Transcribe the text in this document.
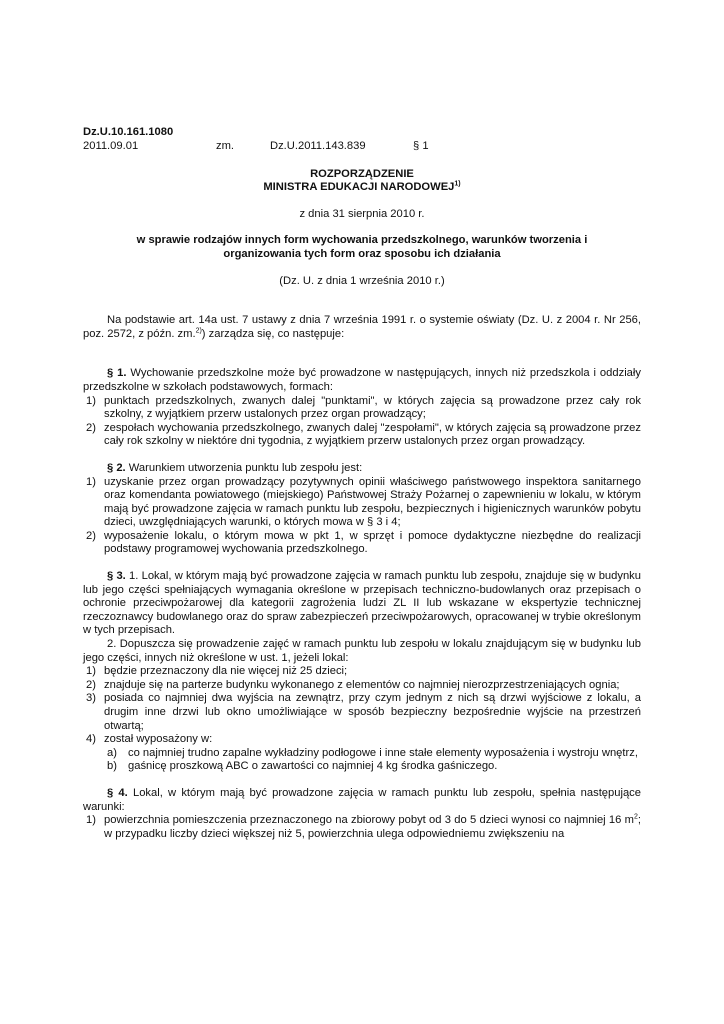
Dz.U.10.161.1080
2011.09.01	zm.	Dz.U.2011.143.839	§ 1
ROZPORZĄDZENIE
MINISTRA EDUKACJI NARODOWEJ$^{1)}$
z dnia 31 sierpnia 2010 r.
w sprawie rodzajów innych form wychowania przedszkolnego, warunków tworzenia i
organizowania tych form oraz sposobu ich działania
(Dz. U. z dnia 1 września 2010 r.)
Na podstawie art. 14a ust. 7 ustawy z dnia 7 września 1991 r. o systemie oświaty (Dz. U. z 2004 r. Nr 256, poz. 2572, z późn. zm.$^{2)}$) zarządza się, co następuje:
§ 1. Wychowanie przedszkolne może być prowadzone w następujących, innych niż przedszkola i oddziały przedszkolne w szkołach podstawowych, formach:
1) punktach przedszkolnych, zwanych dalej "punktami", w których zajęcia są prowadzone przez cały rok szkolny, z wyjątkiem przerw ustalonych przez organ prowadzący;
2) zespołach wychowania przedszkolnego, zwanych dalej "zespołami", w których zajęcia są prowadzone przez cały rok szkolny w niektóre dni tygodnia, z wyjątkiem przerw ustalonych przez organ prowadzący.
§ 2. Warunkiem utworzenia punktu lub zespołu jest:
1) uzyskanie przez organ prowadzący pozytywnych opinii właściwego państwowego inspektora sanitarnego oraz komendanta powiatowego (miejskiego) Państwowej Straży Pożarnej o zapewnieniu w lokalu, w którym mają być prowadzone zajęcia w ramach punktu lub zespołu, bezpiecznych i higienicznych warunków pobytu dzieci, uwzględniających warunki, o których mowa w § 3 i 4;
2) wyposażenie lokalu, o którym mowa w pkt 1, w sprzęt i pomoce dydaktyczne niezbędne do realizacji podstawy programowej wychowania przedszkolnego.
§ 3. 1. Lokal, w którym mają być prowadzone zajęcia w ramach punktu lub zespołu, znajduje się w budynku lub jego części spełniających wymagania określone w przepisach techniczno-budowlanych oraz przepisach o ochronie przeciwpożarowej dla kategorii zagrożenia ludzi ZL II lub wskazane w ekspertyzie technicznej rzeczoznawcy budowlanego oraz do spraw zabezpieczeń przeciwpożarowych, opracowanej w trybie określonym w tych przepisach.
2. Dopuszcza się prowadzenie zajęć w ramach punktu lub zespołu w lokalu znajdującym się w budynku lub jego części, innych niż określone w ust. 1, jeżeli lokal:
1) będzie przeznaczony dla nie więcej niż 25 dzieci;
2) znajduje się na parterze budynku wykonanego z elementów co najmniej nierozprzestrzeniających ognia;
3) posiada co najmniej dwa wyjścia na zewnątrz, przy czym jednym z nich są drzwi wyjściowe z lokalu, a drugim inne drzwi lub okno umożliwiające w sposób bezpieczny bezpośrednie wyjście na przestrzeń otwartą;
4) został wyposażony w:
a) co najmniej trudno zapalne wykładziny podłogowe i inne stałe elementy wyposażenia i wystroju wnętrz,
b) gaśnicę proszkową ABC o zawartości co najmniej 4 kg środka gaśniczego.
§ 4. Lokal, w którym mają być prowadzone zajęcia w ramach punktu lub zespołu, spełnia następujące warunki:
1) powierzchnia pomieszczenia przeznaczonego na zbiorowy pobyt od 3 do 5 dzieci wynosi co najmniej 16 $m^2$; w przypadku liczby dzieci większej niż 5, powierzchnia ulega odpowiedniemu zwiększeniu na
